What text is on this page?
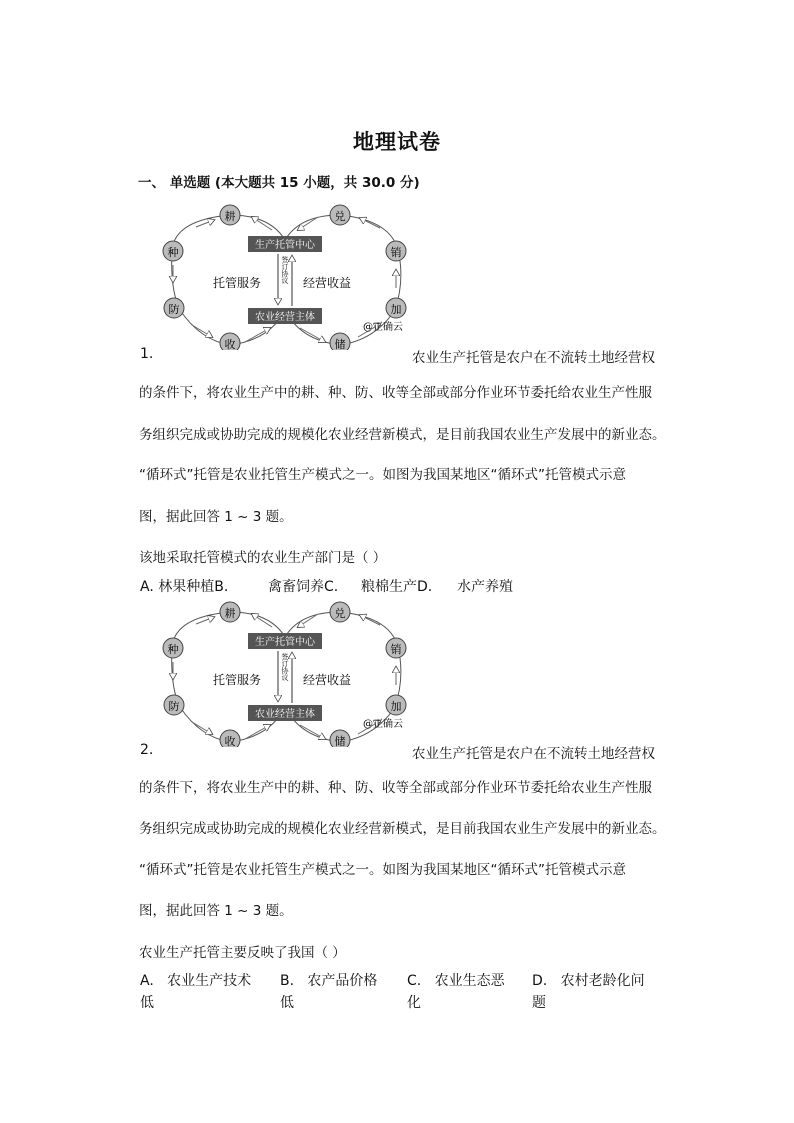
地理试卷
一、 单选题 (本大题共 15 小题，共 30.0 分)
生产托管中心
农业经营主体
托管服务	经营收益
签订协议
耕
种
防
收
兑
销
加
储
@正确云
1.	农业生产托管是农户在不流转土地经营权
的条件下，将农业生产中的耕、种、防、收等全部或部分作业环节委托给农业生产性服
务组织完成或协助完成的规模化农业经营新模式，是目前我国农业生产发展中的新业态。
“循环式”托管是农业托管生产模式之一。如图为我国某地区“循环式”托管模式示意
图，据此回答 1 ~ 3 题。
该地采取托管模式的农业生产部门是（ ）
A. 林果种植B.	禽畜饲养C. 粮棉生产D. 水产养殖
生产托管中心
农业经营主体
托管服务	经营收益
签订协议
耕
种
防
收
兑
销
加
储
@正确云
2.	农业生产托管是农户在不流转土地经营权
的条件下，将农业生产中的耕、种、防、收等全部或部分作业环节委托给农业生产性服
务组织完成或协助完成的规模化农业经营新模式，是目前我国农业生产发展中的新业态。
“循环式”托管是农业托管生产模式之一。如图为我国某地区“循环式”托管模式示意
图，据此回答 1 ~ 3 题。
农业生产托管主要反映了我国（ ）
A. 农业生产技术
低
B. 农产品价格
低
C. 农业生态恶
化
D. 农村老龄化问
题
